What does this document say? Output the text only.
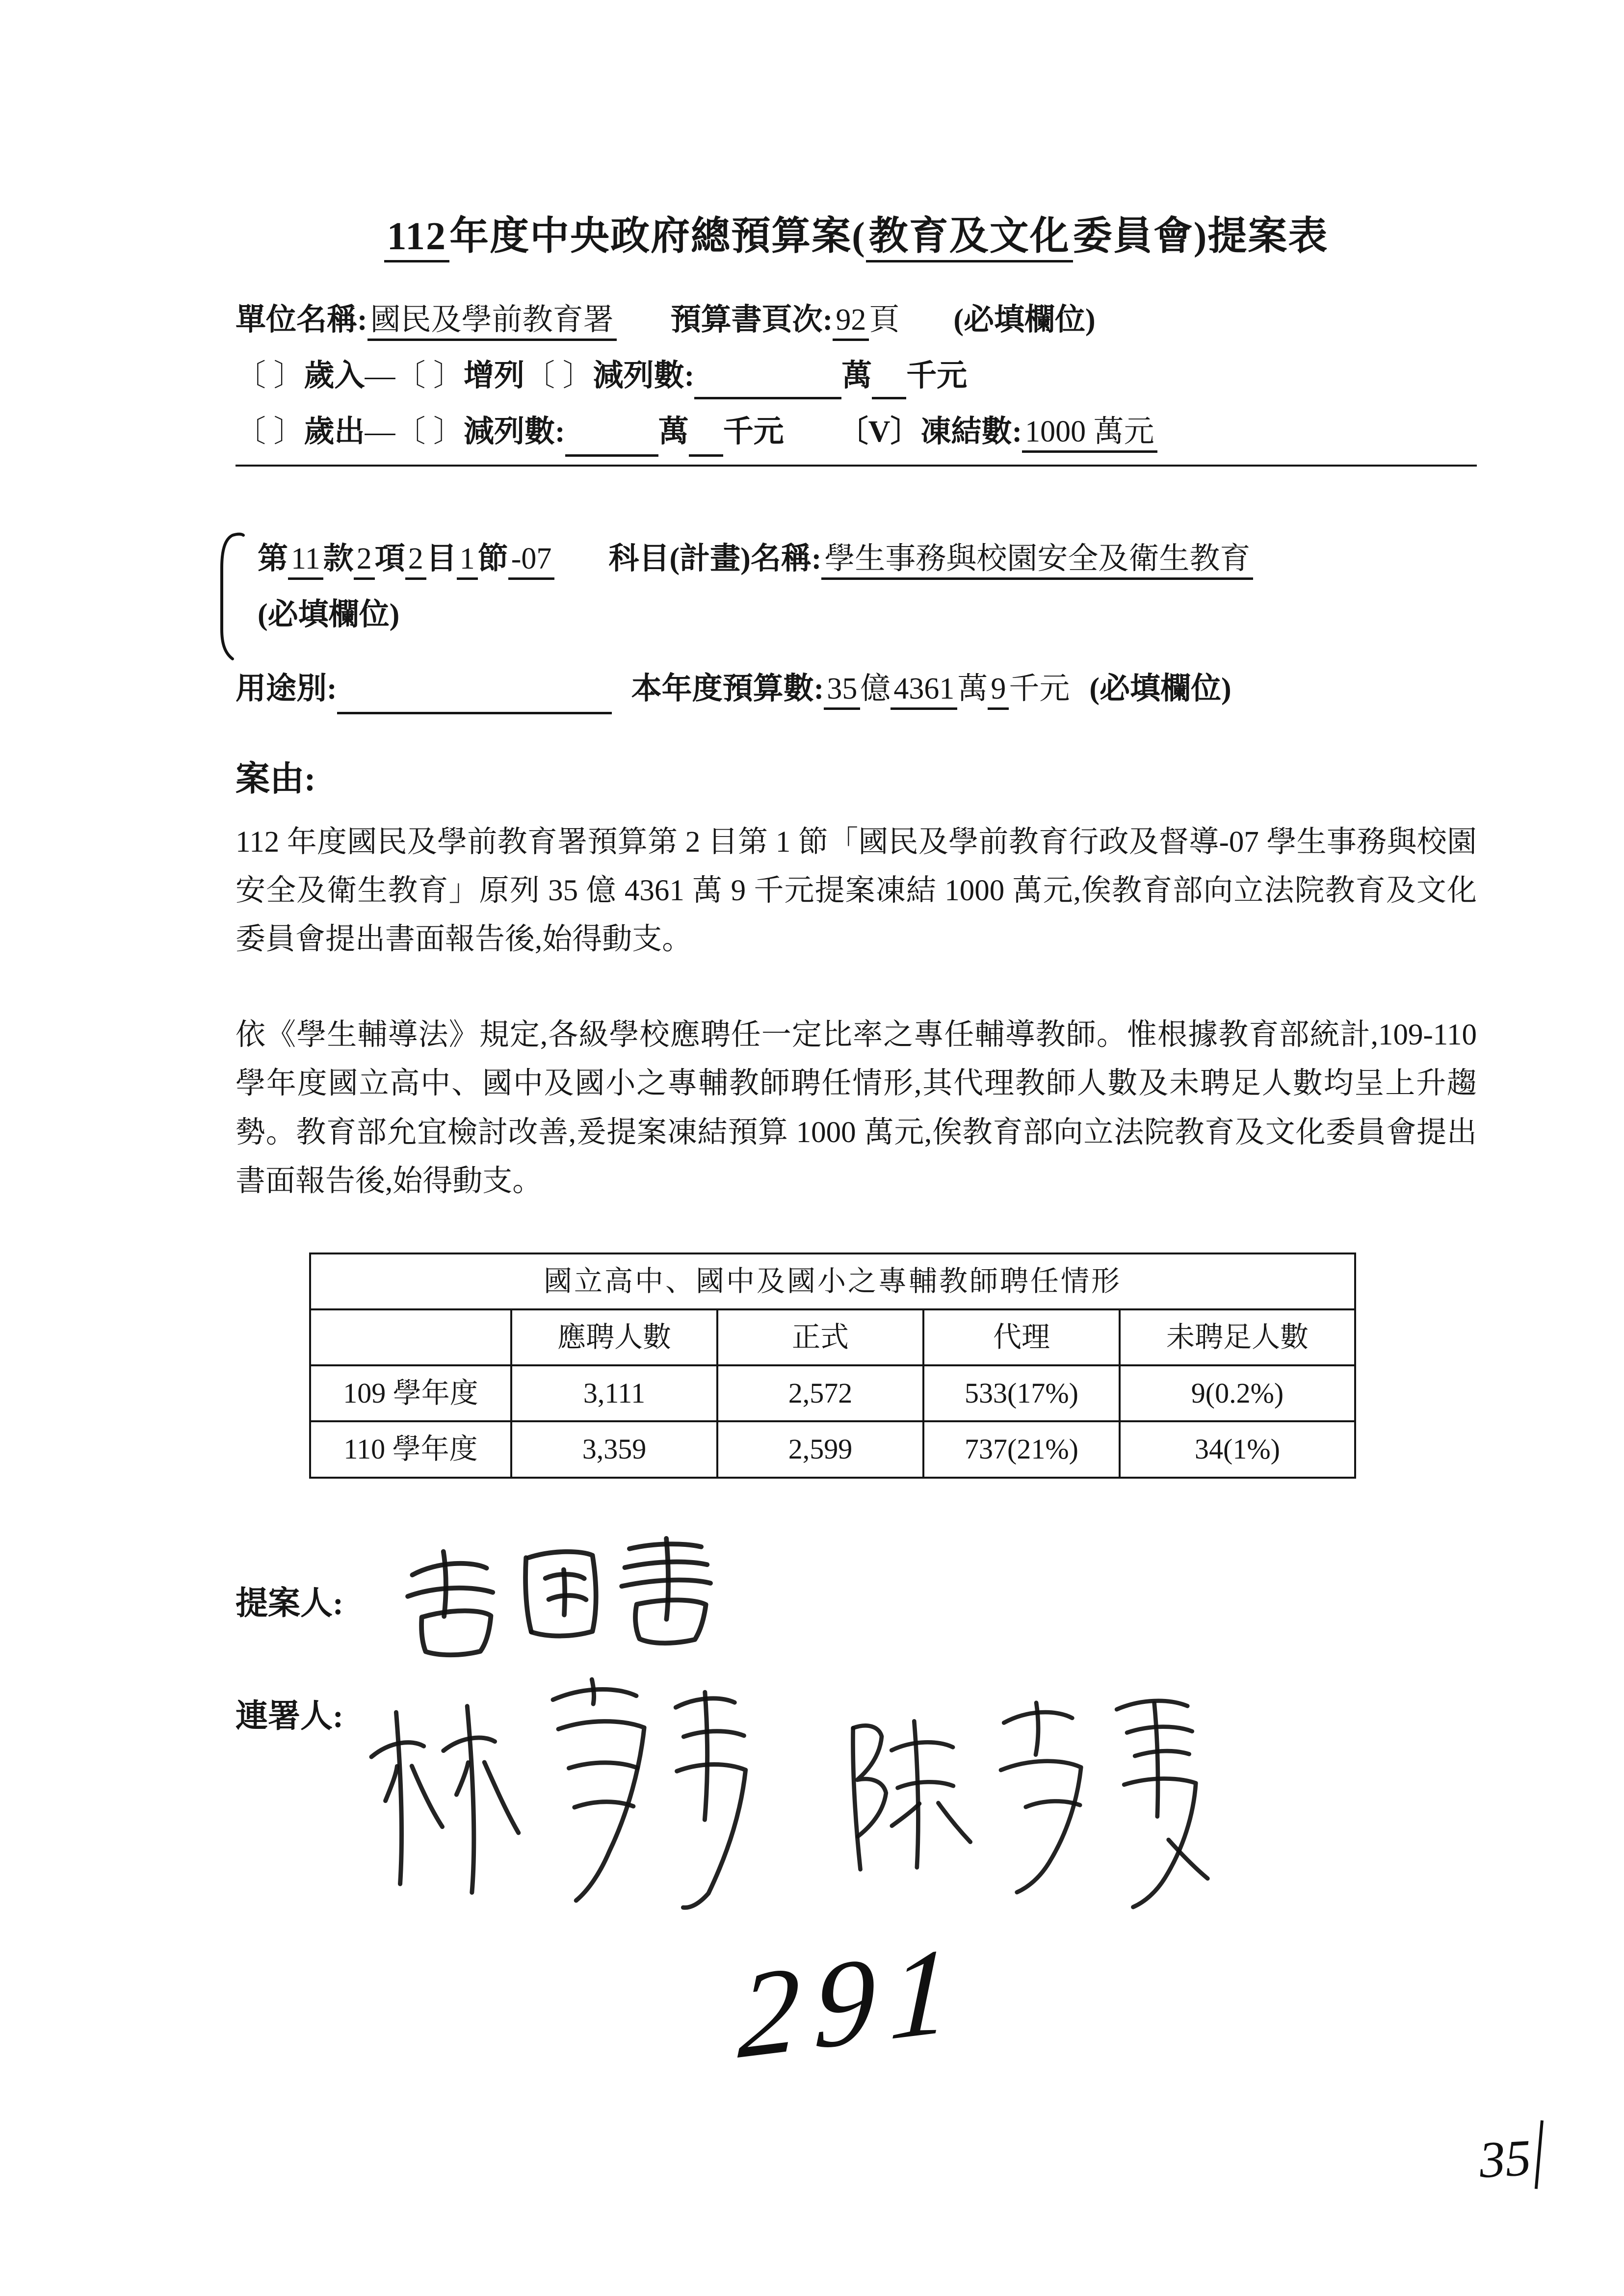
112年度中央政府總預算案(教育及文化委員會)提案表
單位名稱:國民及學前教育署 預算書頁次:92頁 (必填欄位)
〔 〕歲入—〔 〕增列〔 〕減列數:	萬 千元
〔 〕歲出—〔 〕減列數:	萬 千元 〔V〕凍結數:1000 萬元
第11款2項2目1節-07 科目(計畫)名稱:學生事務與校園安全及衛生教育
(必填欄位)
用途別:	本年度預算數:35億4361萬9千元 (必填欄位)
案由:

112 年度國民及學前教育署預算第 2 目第 1 節「國民及學前教育行政及督導-07 學生事務與校園安全及衛生教育」原列 35 億 4361 萬 9 千元提案凍結 1000 萬元,俟教育部向立法院教育及文化委員會提出書面報告後,始得動支。

依《學生輔導法》規定,各級學校應聘任一定比率之專任輔導教師。惟根據教育部統計,109-110 學年度國立高中、國中及國小之專輔教師聘任情形,其代理教師人數及未聘足人數均呈上升趨勢。教育部允宜檢討改善,爰提案凍結預算 1000 萬元,俟教育部向立法院教育及文化委員會提出書面報告後,始得動支。

國立高中、國中及國小之專輔教師聘任情形				
	應聘人數	正式	代理	未聘足人數
109 學年度	3,111	2,572	533(17%)	9(0.2%)
110 學年度	3,359	2,599	737(21%)	34(1%)
提案人:
連署人:
291
35
